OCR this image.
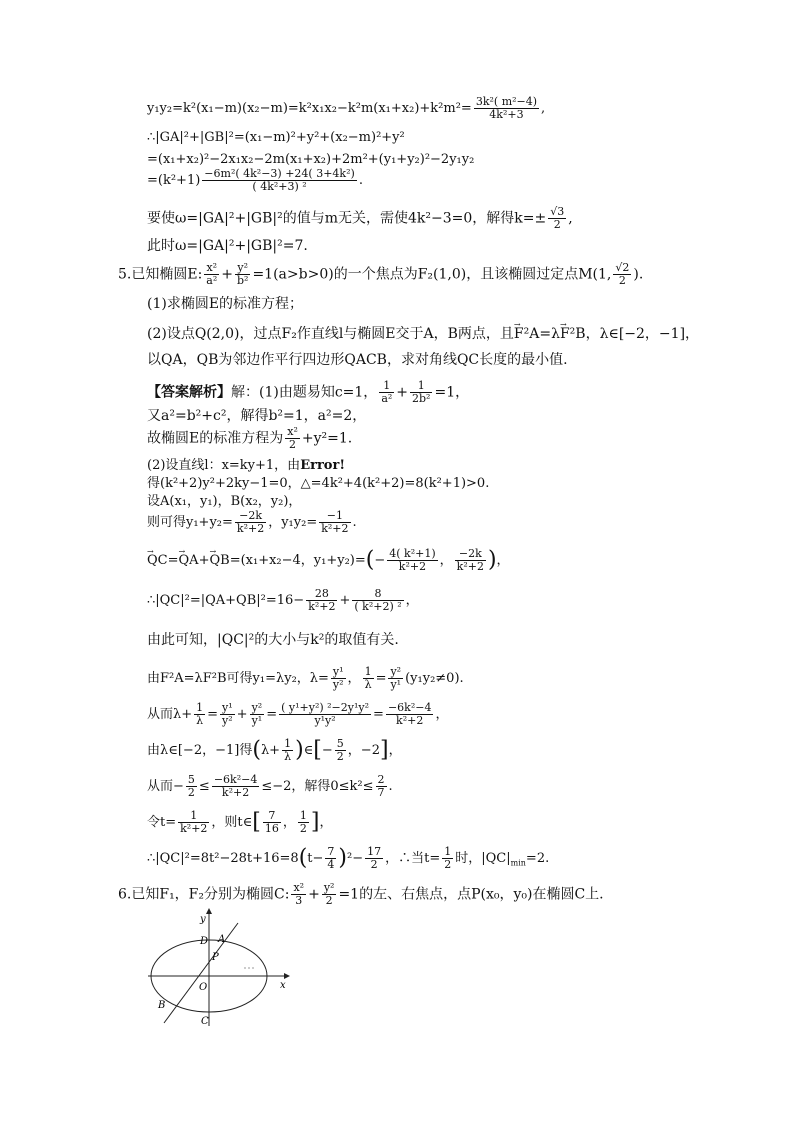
$y_1y_2=k^2(x_1-m)(x_2-m)=k^2x_1x_2-k^2m(x_1+x_2)+k^2m^2= \frac{\text{3k²( m²−4)}}{\text{4k²+3}}$ ,
∴|GA|²+|GB|²=(x₁−m)²+y²+(x₂−m)²+y²
=(x₁+x₂)²−2x₁x₂−2m(x₁+x₂)+2m²+(y₁+y₂)²−2y₁y₂
$=(k^2+1) \frac{\text{−6m²( 4k²−3) +24( 3+4k²)}}{\text{( 4k²+3) ²}}$ .
要使ω=|GA|²+|GB|²的值与m无关，需使4k²−3=0，解得$k=\pm \frac{√3}{2}$ ,
此时ω=|GA|²+|GB|²=7.
5.已知椭圆E: $\frac{\text{x²}}{\text{a²}} + \frac{\text{y²}}{\text{b²}} =1(a>b>0)$的一个焦点为F₂(1,0)，且该椭圆过定点M(1, $\frac{√2}{2}$ ).
(1)求椭圆E的标准方程；
(2)设点Q(2,0)，过点F₂作直线l与椭圆E交于A，B两点，且→ F²A=λ→ F²B，λ∈[−2，−1]，
以QA，QB为邻边作平行四边形QACB，求对角线QC长度的最小值.
【答案解析】解：(1)由题易知c=1， $\frac{1}{\text{a²}} + \frac{1}{\text{2b²}} =1$，
又a²=b²+c²，解得b²=1，a²=2，
故椭圆E的标准方程为 $\frac{\text{x²}}{2} +y^2=1$.
(2)设直线l：x=ky+1，由Error!
得(k²+2)y²+2ky−1=0，△=4k²+4(k²+2)=8(k²+1)>0.
设A(x₁，y₁)，B(x₂，y₂)，
则可得$y_1+y_2= \frac{-2k}{\text{k²+2}}$ ，$y_1y_2= \frac{-1}{\text{k²+2}}$ .
→ QC=→ QA+→ QB=(x₁+x₂−4，$y_1+y_2)=(- \frac{\text{4( k²+1)}}{\text{k²+2}}$ ， $\frac{-2k}{\text{k²+2}}$ )，
∴|QC|²=|QA+QB|²=16− $\frac{28}{\text{k²+2}} + \frac{8}{\text{( k²+2) ²}}$ ，
由此可知，|QC|²的大小与k²的取值有关.
由F²A=λF²B可得y₁=λy₂，$\lambda= \frac{\text{y¹}}{\text{y²}}$ ， $\frac{1}{\lambda} = \frac{\text{y²}}{\text{y¹}} (y_1y_2\ne 0)$.
从而$\lambda+ \frac{1}{\lambda} = \frac{\text{y¹}}{\text{y²}} + \frac{\text{y²}}{\text{y¹}} = \frac{\text{( y¹+y²) ²−2y¹y²}}{\text{y¹y²}} = \frac{\text{−6k²−4}}{\text{k²+2}}$ ，
由λ∈[−2，−1]得($\lambda+ \frac{1}{\lambda}$ )∈[− $\frac{5}{2}$ ，−2]，
从而− $\frac{5}{2} \le \frac{\text{−6k²−4}}{\text{k²+2}} \le-2$，解得$0\le k^2\le \frac{2}{7}$ .
令$t= \frac{1}{\text{k²+2}}$ ，则t∈[ $\frac{7}{16}$ ， $\frac{1}{2}$ ]，
∴|QC|²=8t²−28t+16=8(t− $\frac{7}{4} )^2- \frac{17}{2}$ ，∴当$t= \frac{1}{2}$ 时，$|QC|_{min}=2$.
6.已知F₁，F₂分别为椭圆C: $\frac{\text{x²}}{3} + \frac{\text{y²}}{2} =1$的左、右焦点，点P(x₀，y₀)在椭圆C上.
y
x
O
D A
P
B
C
